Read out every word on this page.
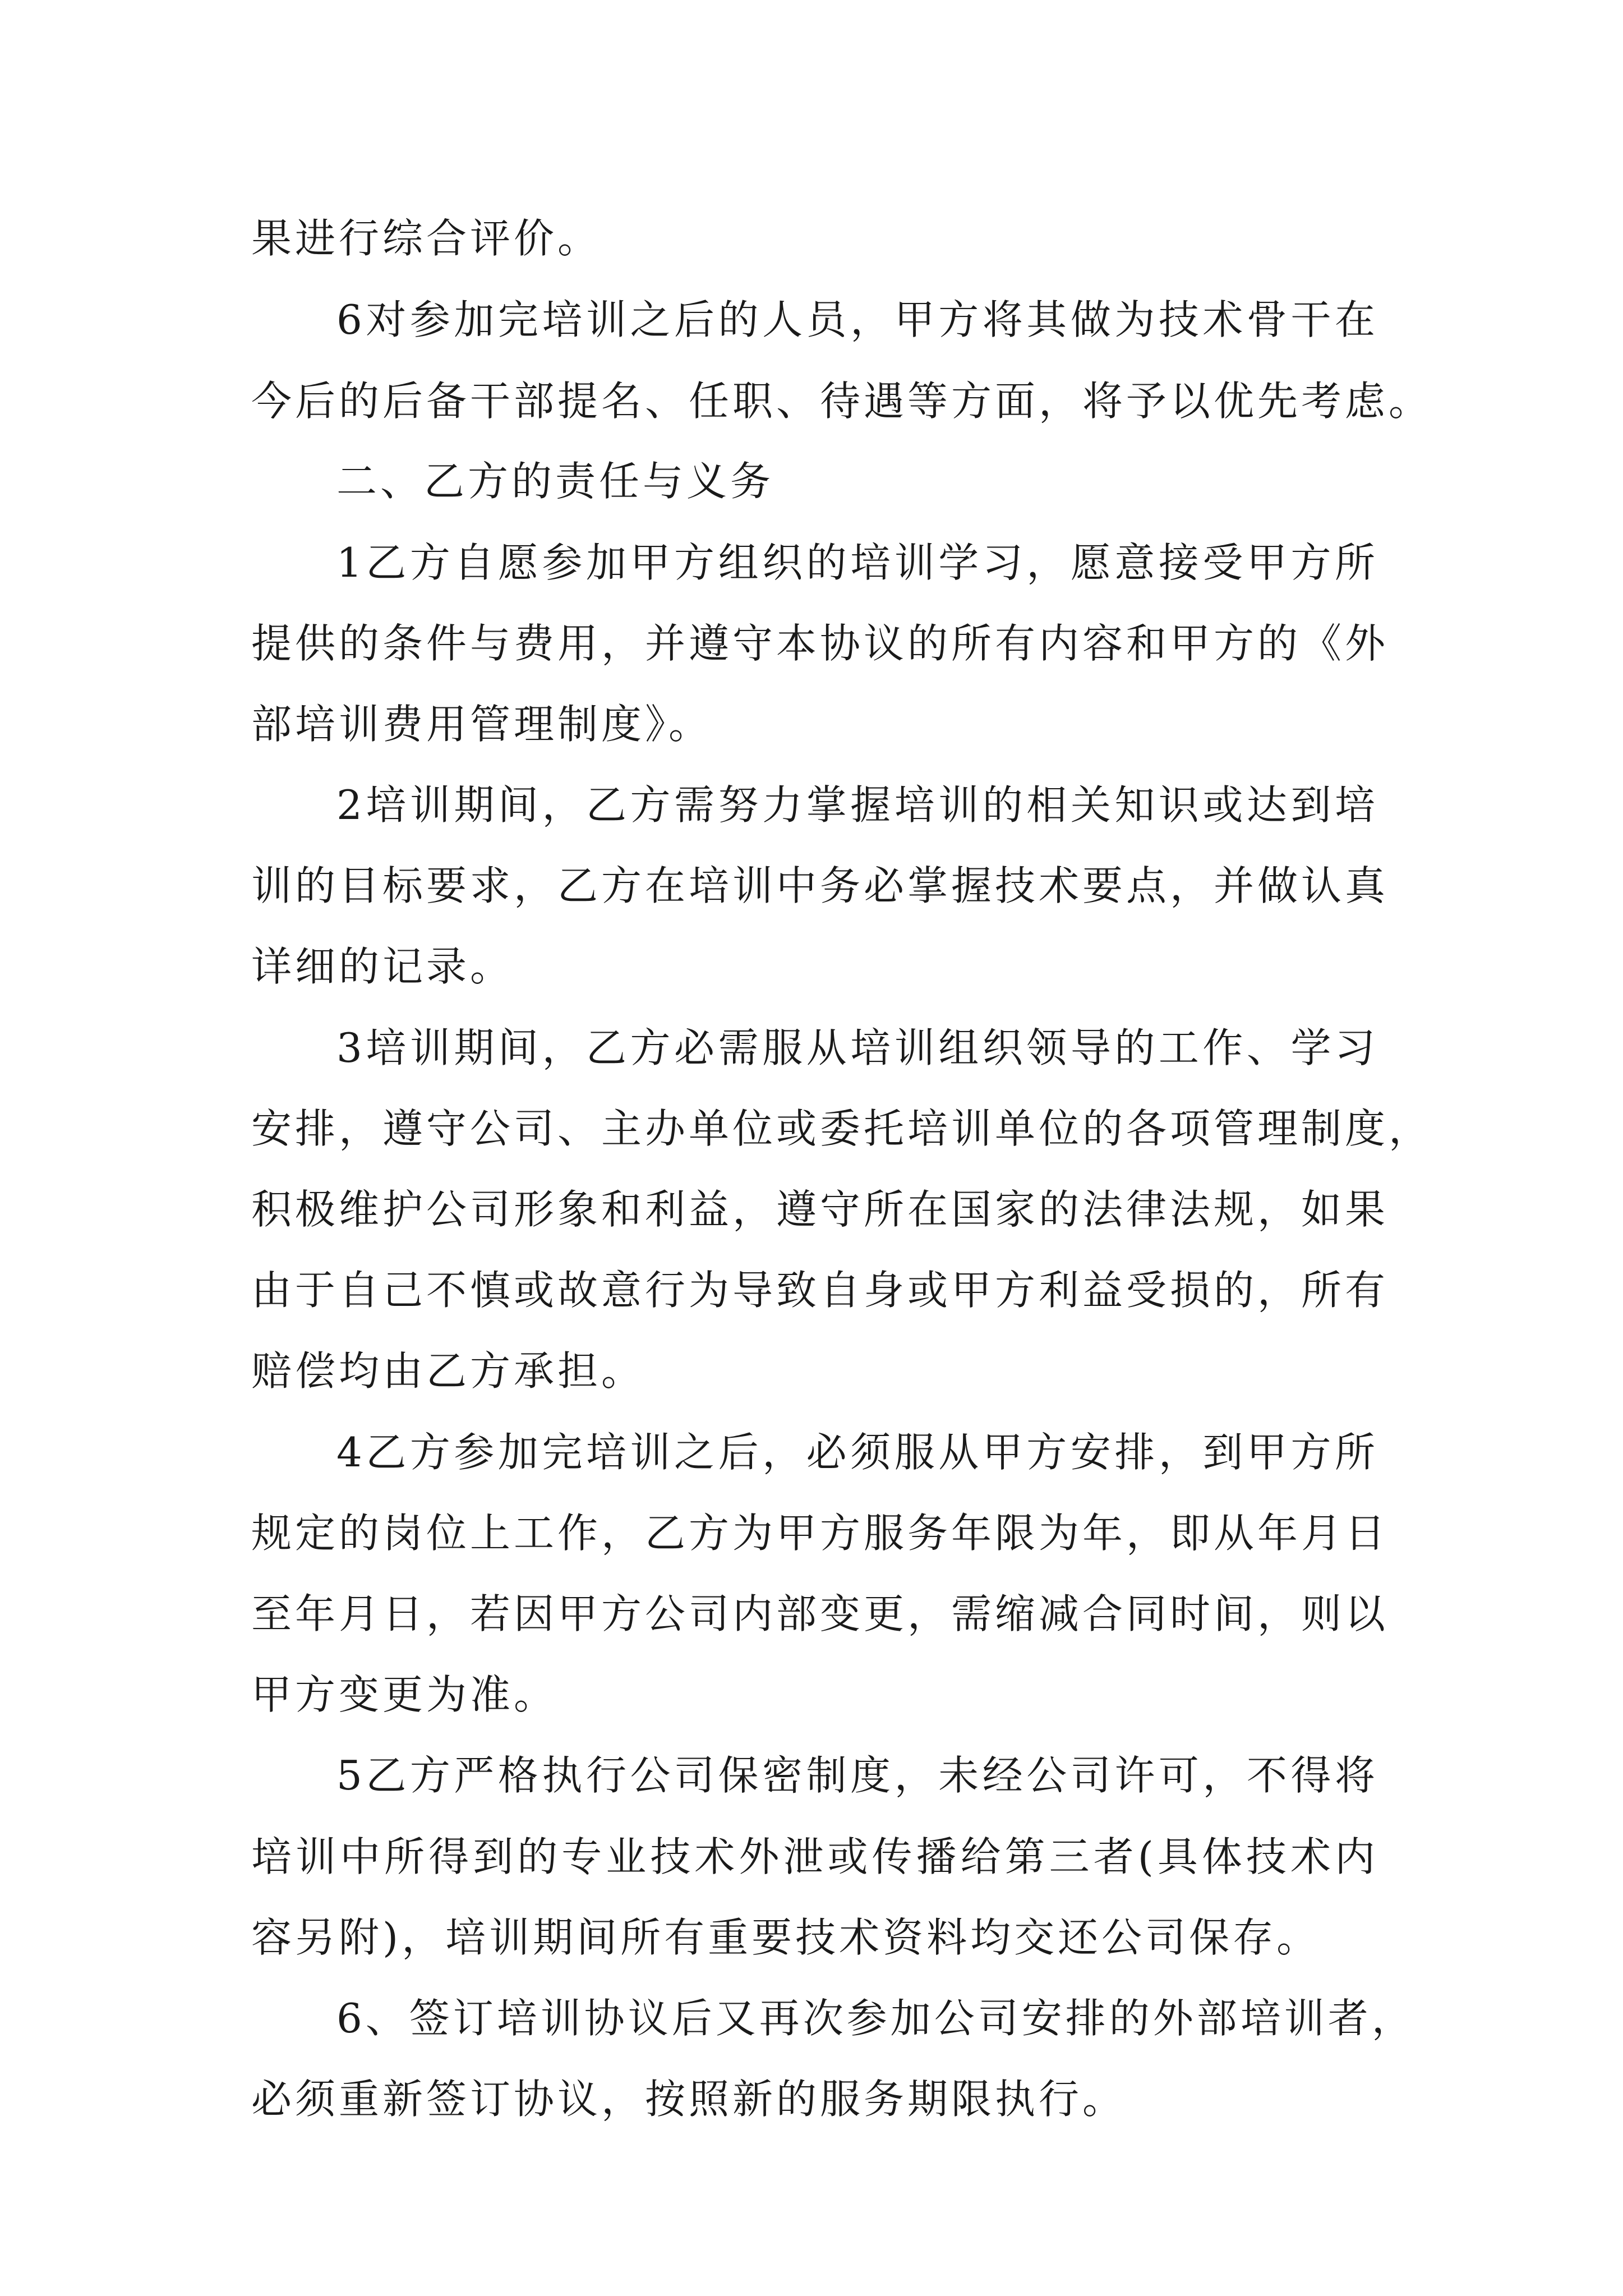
果进行综合评价。
6对参加完培训之后的人员，甲方将其做为技术骨干在
今后的后备干部提名、任职、待遇等方面，将予以优先考虑。
二、乙方的责任与义务
1乙方自愿参加甲方组织的培训学习，愿意接受甲方所
提供的条件与费用，并遵守本协议的所有内容和甲方的《外
部培训费用管理制度》。
2培训期间，乙方需努力掌握培训的相关知识或达到培
训的目标要求，乙方在培训中务必掌握技术要点，并做认真
详细的记录。
3培训期间，乙方必需服从培训组织领导的工作、学习
安排，遵守公司、主办单位或委托培训单位的各项管理制度，
积极维护公司形象和利益，遵守所在国家的法律法规，如果
由于自己不慎或故意行为导致自身或甲方利益受损的，所有
赔偿均由乙方承担。
4乙方参加完培训之后，必须服从甲方安排，到甲方所
规定的岗位上工作，乙方为甲方服务年限为年，即从年月日
至年月日，若因甲方公司内部变更，需缩减合同时间，则以
甲方变更为准。
5乙方严格执行公司保密制度，未经公司许可，不得将
培训中所得到的专业技术外泄或传播给第三者(具体技术内
容另附)，培训期间所有重要技术资料均交还公司保存。
6、签订培训协议后又再次参加公司安排的外部培训者，
必须重新签订协议，按照新的服务期限执行。
